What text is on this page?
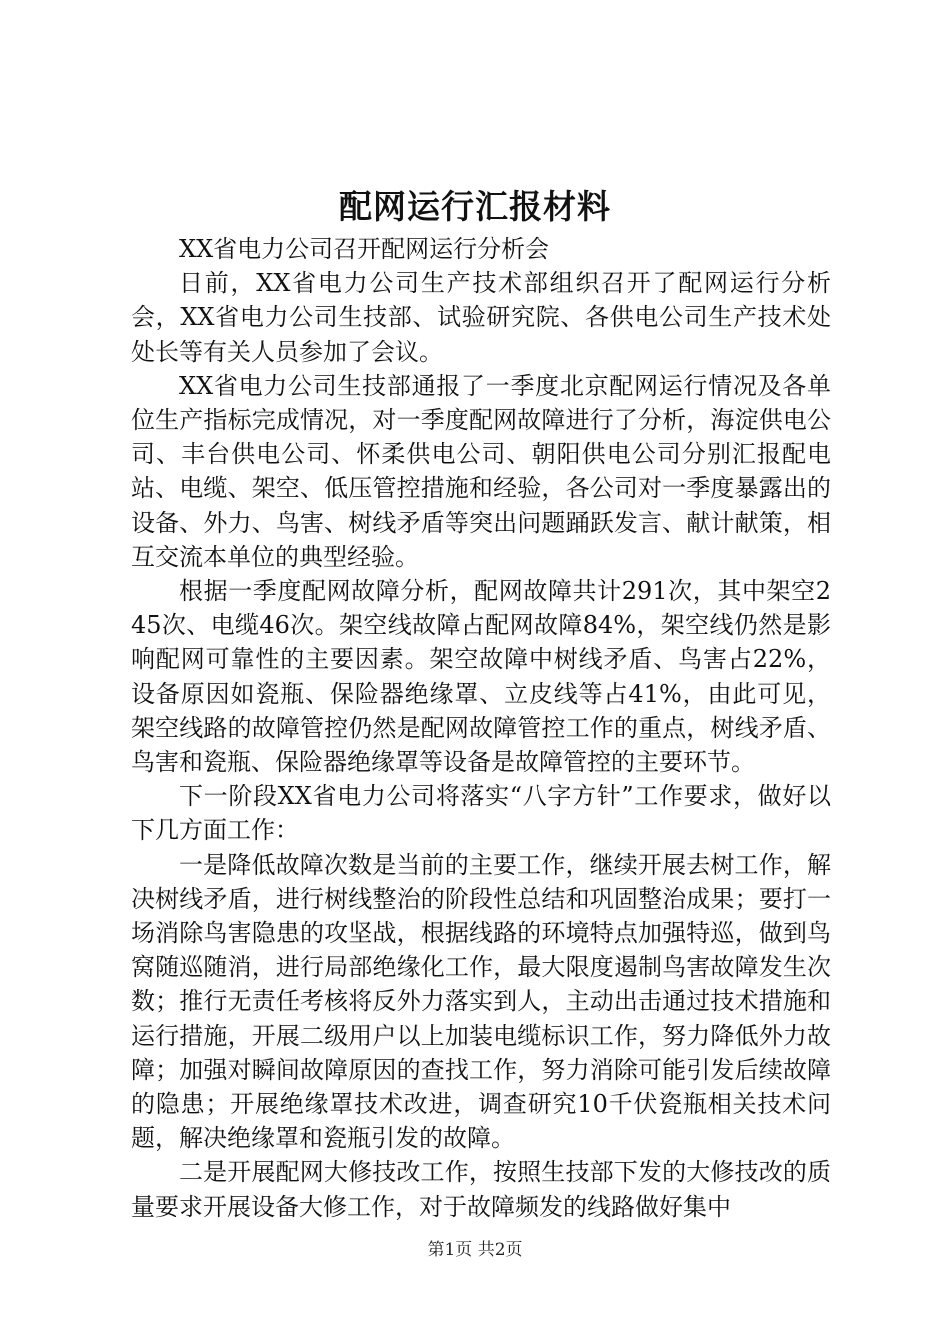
配网运行汇报材料

XX省电力公司召开配网运行分析会

日前，XX省电力公司生产技术部组织召开了配网运行分析会，XX省电力公司生技部、试验研究院、各供电公司生产技术处处长等有关人员参加了会议。

XX省电力公司生技部通报了一季度北京配网运行情况及各单位生产指标完成情况，对一季度配网故障进行了分析，海淀供电公司、丰台供电公司、怀柔供电公司、朝阳供电公司分别汇报配电站、电缆、架空、低压管控措施和经验，各公司对一季度暴露出的设备、外力、鸟害、树线矛盾等突出问题踊跃发言、献计献策，相互交流本单位的典型经验。

根据一季度配网故障分析，配网故障共计291次，其中架空245次、电缆46次。架空线故障占配网故障84%，架空线仍然是影响配网可靠性的主要因素。架空故障中树线矛盾、鸟害占22%，设备原因如瓷瓶、保险器绝缘罩、立皮线等占41%，由此可见，架空线路的故障管控仍然是配网故障管控工作的重点，树线矛盾、鸟害和瓷瓶、保险器绝缘罩等设备是故障管控的主要环节。

下一阶段XX省电力公司将落实“八字方针”工作要求，做好以下几方面工作：

一是降低故障次数是当前的主要工作，继续开展去树工作，解决树线矛盾，进行树线整治的阶段性总结和巩固整治成果；要打一场消除鸟害隐患的攻坚战，根据线路的环境特点加强特巡，做到鸟窝随巡随消，进行局部绝缘化工作，最大限度遏制鸟害故障发生次数；推行无责任考核将反外力落实到人，主动出击通过技术措施和运行措施，开展二级用户以上加装电缆标识工作，努力降低外力故障；加强对瞬间故障原因的查找工作，努力消除可能引发后续故障的隐患；开展绝缘罩技术改进，调查研究10千伏瓷瓶相关技术问题，解决绝缘罩和瓷瓶引发的故障。

二是开展配网大修技改工作，按照生技部下发的大修技改的质量要求开展设备大修工作，对于故障频发的线路做好集中

第1页 共2页
